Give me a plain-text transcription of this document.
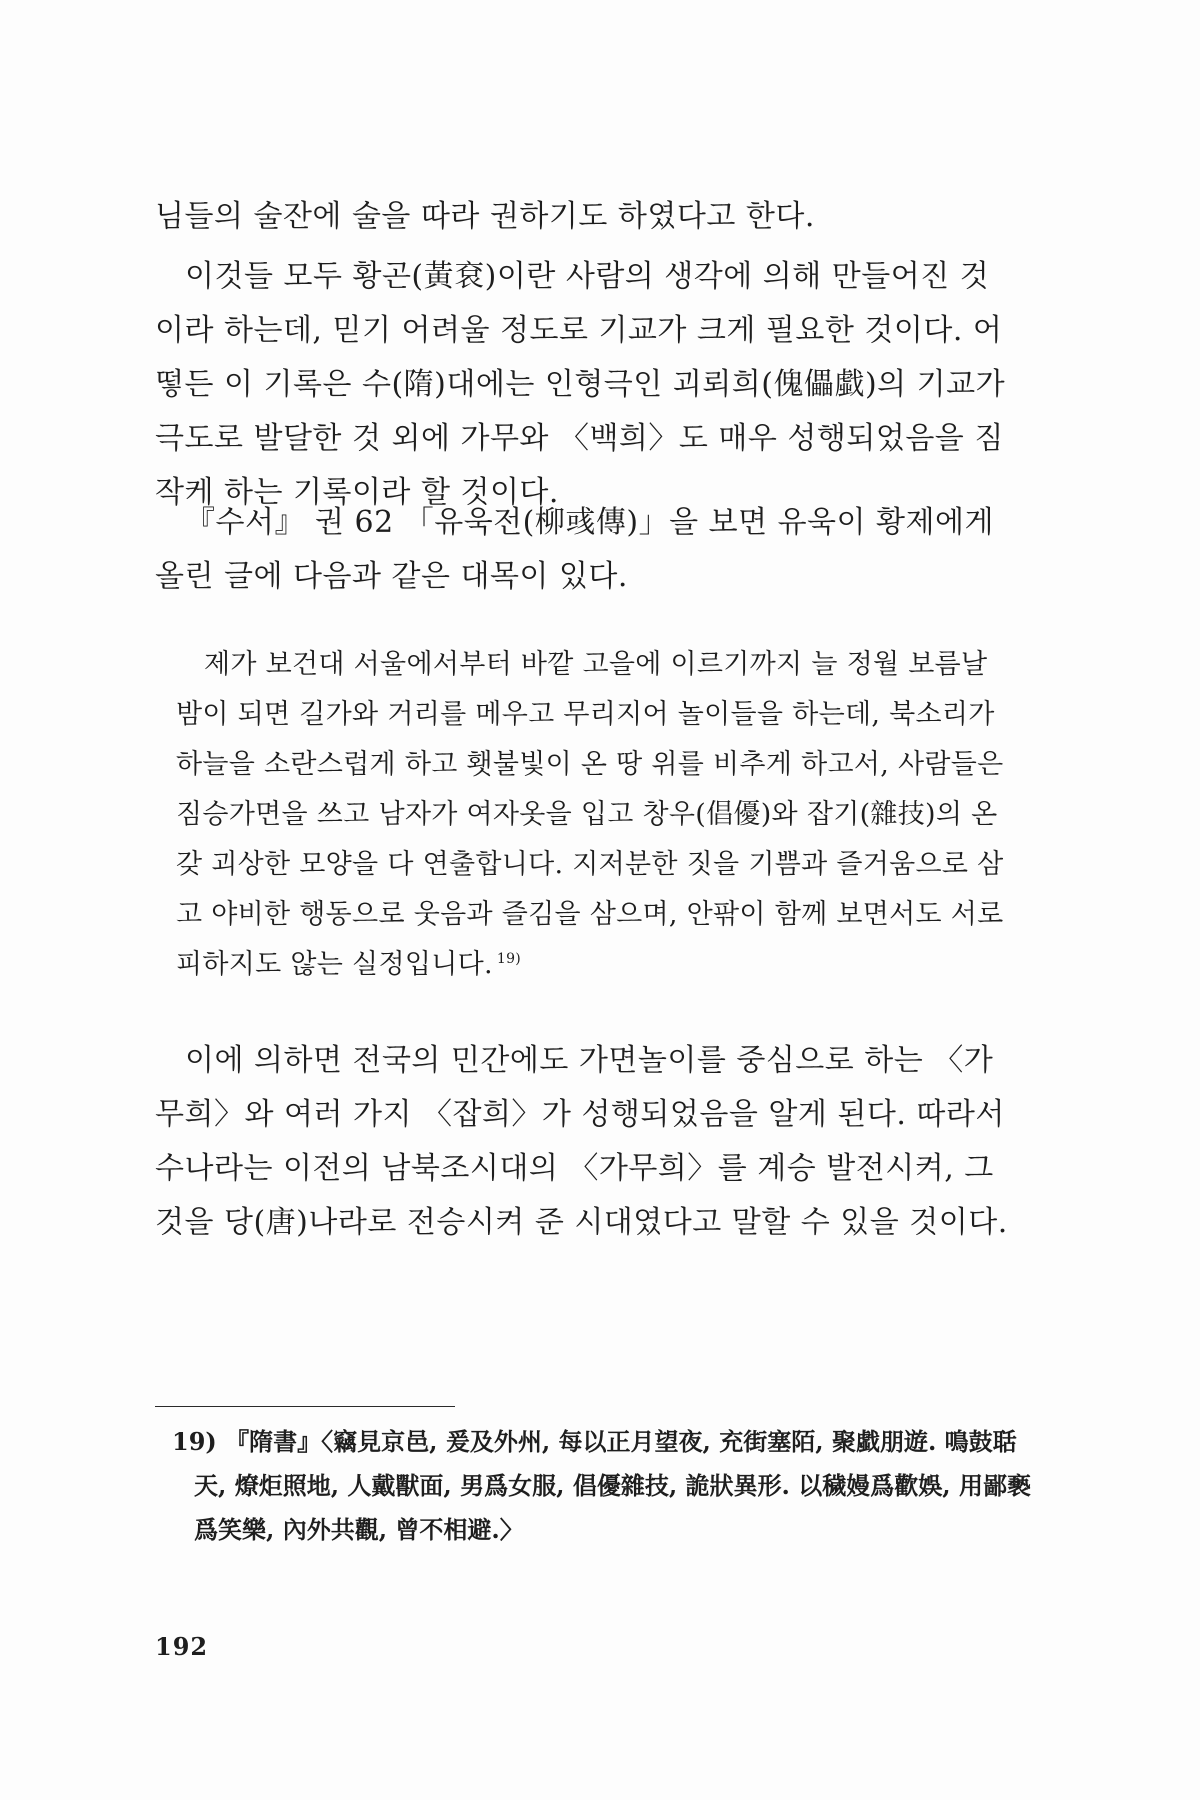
님들의 술잔에 술을 따라 권하기도 하였다고 한다.

이것들 모두 황곤(黃袞)이란 사람의 생각에 의해 만들어진 것이라 하는데, 믿기 어려울 정도로 기교가 크게 필요한 것이다. 어떻든 이 기록은 수(隋)대에는 인형극인 괴뢰희(傀儡戱)의 기교가 극도로 발달한 것 외에 가무와 〈백희〉도 매우 성행되었음을 짐작케 하는 기록이라 할 것이다.

『수서』 권 62 「유욱전(柳彧傳)」을 보면 유욱이 황제에게 올린 글에 다음과 같은 대목이 있다.

제가 보건대 서울에서부터 바깥 고을에 이르기까지 늘 정월 보름날 밤이 되면 길가와 거리를 메우고 무리지어 놀이들을 하는데, 북소리가 하늘을 소란스럽게 하고 횃불빛이 온 땅 위를 비추게 하고서, 사람들은 짐승가면을 쓰고 남자가 여자옷을 입고 창우(倡優)와 잡기(雜技)의 온갖 괴상한 모양을 다 연출합니다. 지저분한 짓을 기쁨과 즐거움으로 삼고 야비한 행동으로 웃음과 즐김을 삼으며, 안팎이 함께 보면서도 서로 피하지도 않는 실정입니다. $^{19)}$

이에 의하면 전국의 민간에도 가면놀이를 중심으로 하는 〈가무희〉와 여러 가지 〈잡희〉가 성행되었음을 알게 된다. 따라서 수나라는 이전의 남북조시대의 〈가무희〉를 계승 발전시켜, 그것을 당(唐)나라로 전승시켜 준 시대였다고 말할 수 있을 것이다.

19) 『隋書』〈竊見京邑, 爰及外州, 每以正月望夜, 充街塞陌, 聚戱朋遊. 鳴鼓聒天, 燎炬照地, 人戴獸面, 男爲女服, 倡優雜技, 詭狀異形. 以穢嫚爲歡娛, 用鄙褻爲笑樂, 內外共觀, 曾不相避.〉

192
